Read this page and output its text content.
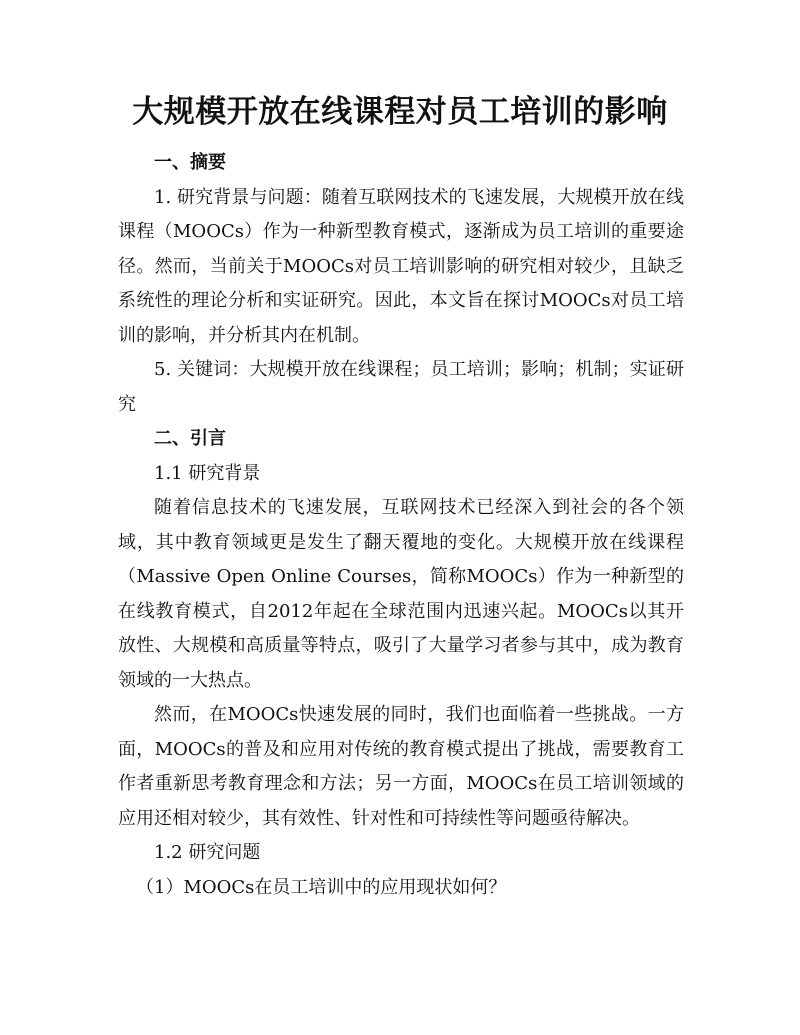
大规模开放在线课程对员工培训的影响

一、摘要

1. 研究背景与问题：随着互联网技术的飞速发展，大规模开放在线课程（MOOCs）作为一种新型教育模式，逐渐成为员工培训的重要途径。然而，当前关于MOOCs对员工培训影响的研究相对较少，且缺乏系统性的理论分析和实证研究。因此，本文旨在探讨MOOCs对员工培训的影响，并分析其内在机制。

5. 关键词：大规模开放在线课程；员工培训；影响；机制；实证研究

二、引言

1.1 研究背景

随着信息技术的飞速发展，互联网技术已经深入到社会的各个领域，其中教育领域更是发生了翻天覆地的变化。大规模开放在线课程（Massive Open Online Courses，简称MOOCs）作为一种新型的在线教育模式，自2012年起在全球范围内迅速兴起。MOOCs以其开放性、大规模和高质量等特点，吸引了大量学习者参与其中，成为教育领域的一大热点。

然而，在MOOCs快速发展的同时，我们也面临着一些挑战。一方面，MOOCs的普及和应用对传统的教育模式提出了挑战，需要教育工作者重新思考教育理念和方法；另一方面，MOOCs在员工培训领域的应用还相对较少，其有效性、针对性和可持续性等问题亟待解决。

1.2 研究问题

（1）MOOCs在员工培训中的应用现状如何？
